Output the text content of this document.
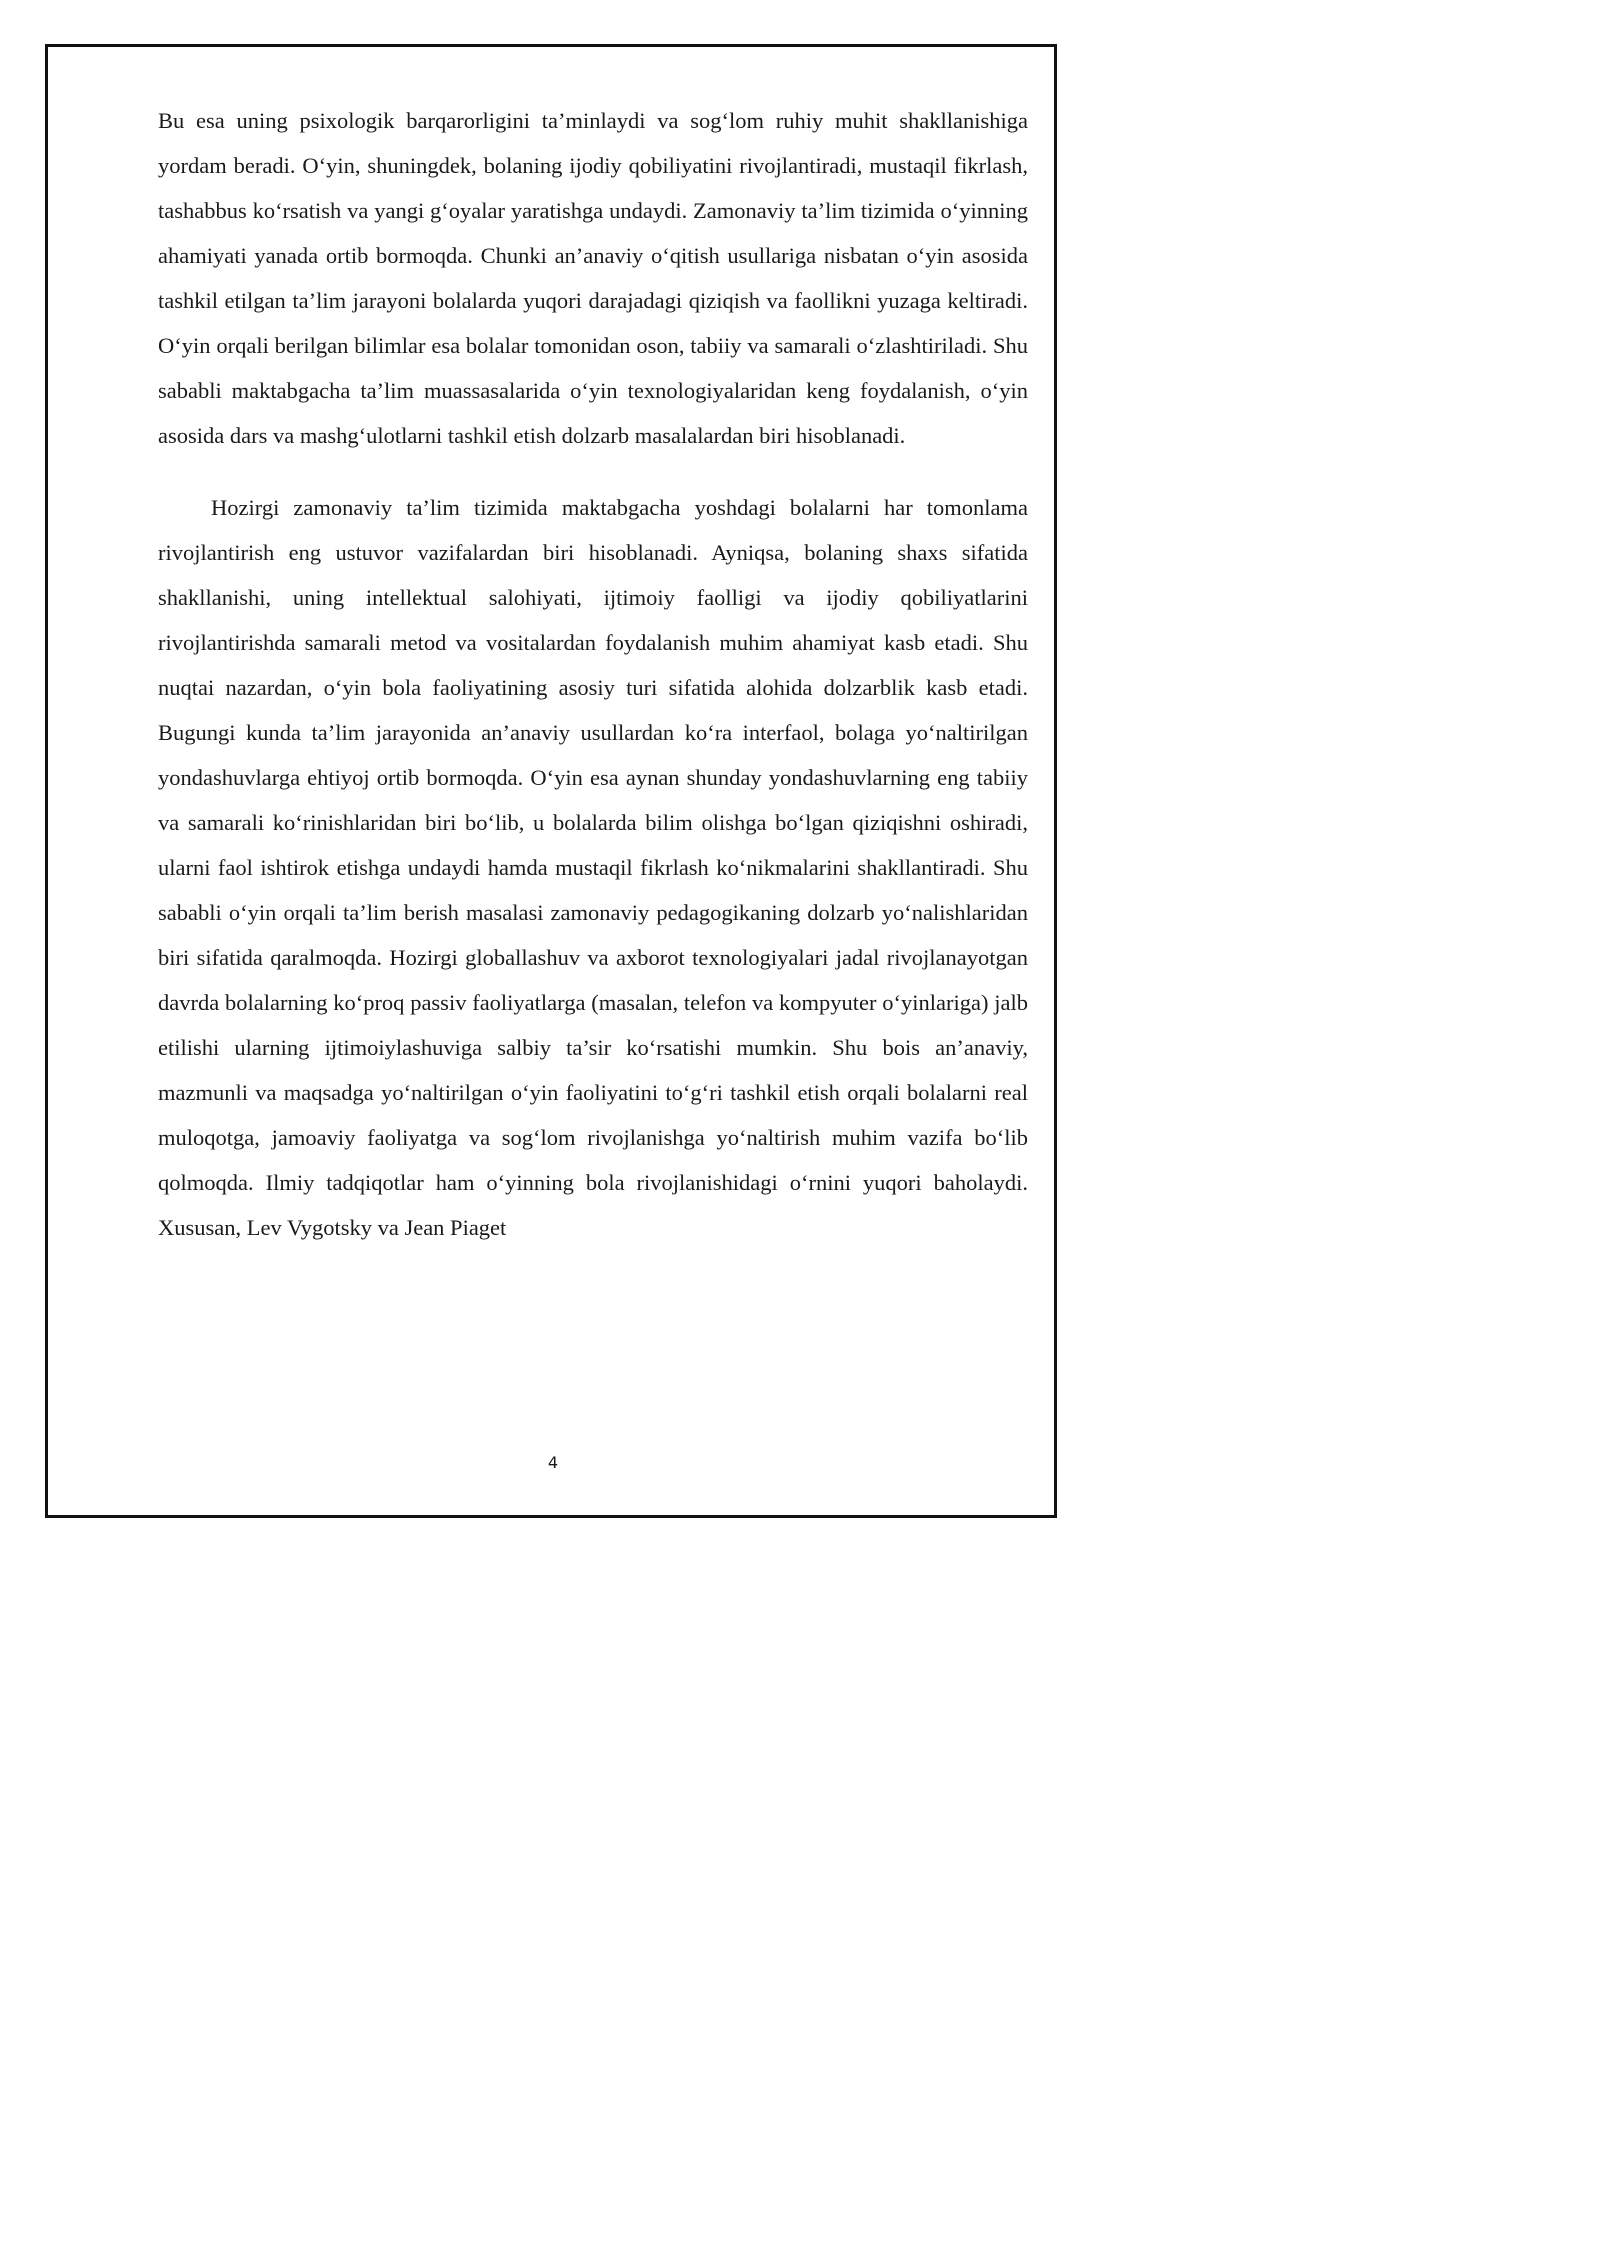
Bu esa uning psixologik barqarorligini ta’minlaydi va sog‘lom ruhiy muhit shakllanishiga yordam beradi. O‘yin, shuningdek, bolaning ijodiy qobiliyatini rivojlantiradi, mustaqil fikrlash, tashabbus ko‘rsatish va yangi g‘oyalar yaratishga undaydi. Zamonaviy ta’lim tizimida o‘yinning ahamiyati yanada ortib bormoqda. Chunki an’anaviy o‘qitish usullariga nisbatan o‘yin asosida tashkil etilgan ta’lim jarayoni bolalarda yuqori darajadagi qiziqish va faollikni yuzaga keltiradi. O‘yin orqali berilgan bilimlar esa bolalar tomonidan oson, tabiiy va samarali o‘zlashtiriladi. Shu sababli maktabgacha ta’lim muassasalarida o‘yin texnologiyalaridan keng foydalanish, o‘yin asosida dars va mashg‘ulotlarni tashkil etish dolzarb masalalardan biri hisoblanadi.

Hozirgi zamonaviy ta’lim tizimida maktabgacha yoshdagi bolalarni har tomonlama rivojlantirish eng ustuvor vazifalardan biri hisoblanadi. Ayniqsa, bolaning shaxs sifatida shakllanishi, uning intellektual salohiyati, ijtimoiy faolligi va ijodiy qobiliyatlarini rivojlantirishda samarali metod va vositalardan foydalanish muhim ahamiyat kasb etadi. Shu nuqtai nazardan, o‘yin bola faoliyatining asosiy turi sifatida alohida dolzarblik kasb etadi. Bugungi kunda ta’lim jarayonida an’anaviy usullardan ko‘ra interfaol, bolaga yo‘naltirilgan yondashuvlarga ehtiyoj ortib bormoqda. O‘yin esa aynan shunday yondashuvlarning eng tabiiy va samarali ko‘rinishlaridan biri bo‘lib, u bolalarda bilim olishga bo‘lgan qiziqishni oshiradi, ularni faol ishtirok etishga undaydi hamda mustaqil fikrlash ko‘nikmalarini shakllantiradi. Shu sababli o‘yin orqali ta’lim berish masalasi zamonaviy pedagogikaning dolzarb yo‘nalishlaridan biri sifatida qaralmoqda. Hozirgi globallashuv va axborot texnologiyalari jadal rivojlanayotgan davrda bolalarning ko‘proq passiv faoliyatlarga (masalan, telefon va kompyuter o‘yinlariga) jalb etilishi ularning ijtimoiylashuviga salbiy ta’sir ko‘rsatishi mumkin. Shu bois an’anaviy, mazmunli va maqsadga yo‘naltirilgan o‘yin faoliyatini to‘g‘ri tashkil etish orqali bolalarni real muloqotga, jamoaviy faoliyatga va sog‘lom rivojlanishga yo‘naltirish muhim vazifa bo‘lib qolmoqda. Ilmiy tadqiqotlar ham o‘yinning bola rivojlanishidagi o‘rnini yuqori baholaydi. Xususan, Lev Vygotsky va Jean Piaget

4
